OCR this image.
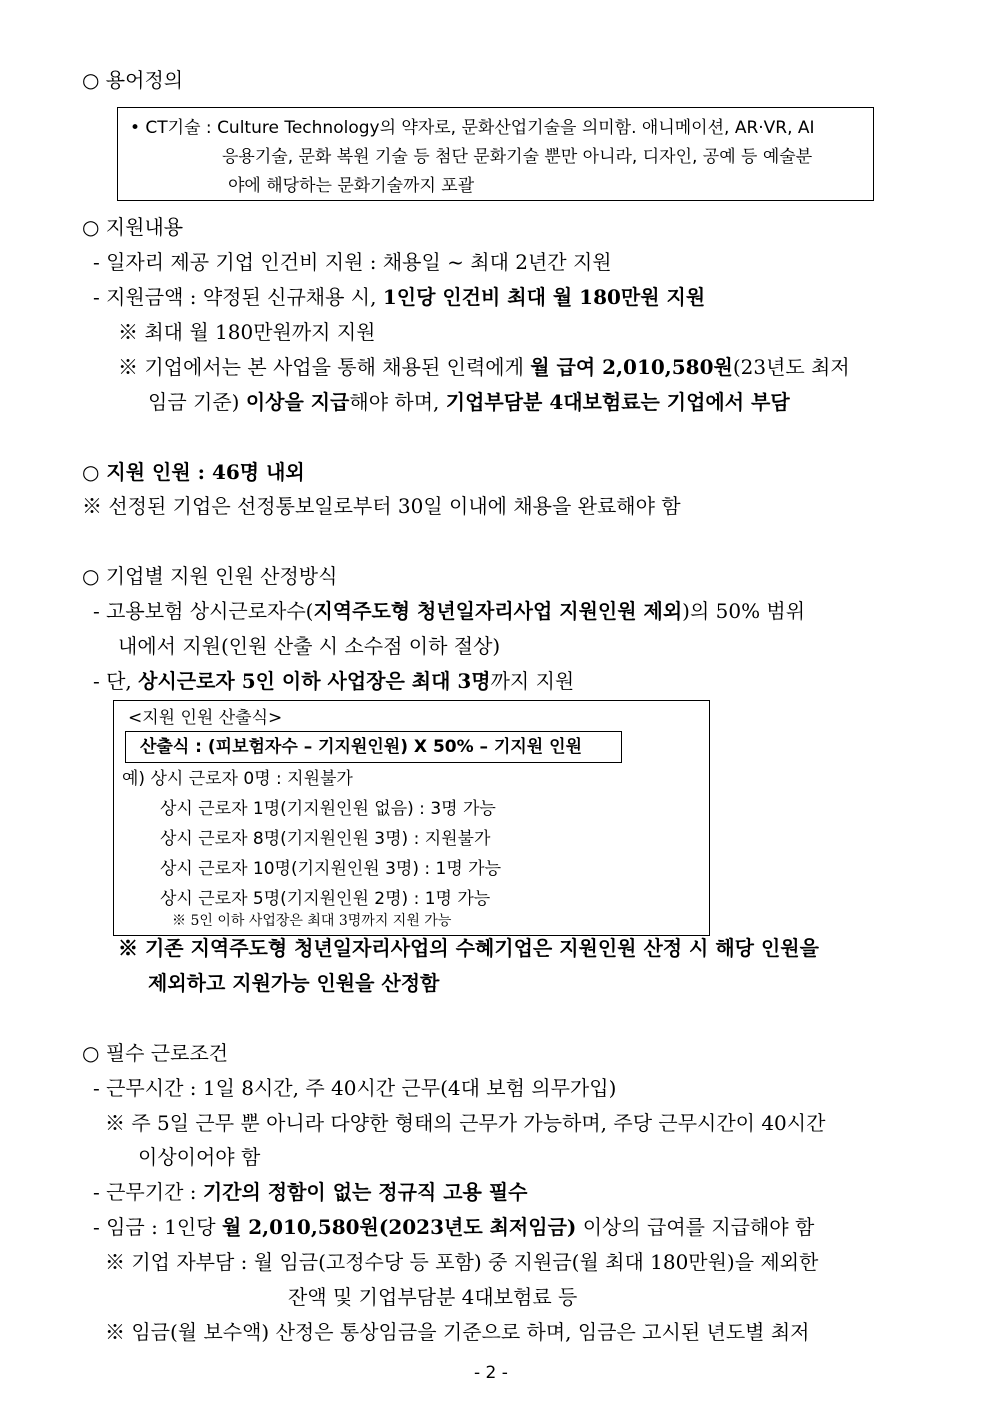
○ 용어정의
• CT기술 : Culture Technology의 약자로, 문화산업기술을 의미함. 애니메이션, AR·VR, AI
응용기술, 문화 복원 기술 등 첨단 문화기술 뿐만 아니라, 디자인, 공예 등 예술분
야에 해당하는 문화기술까지 포괄
○ 지원내용
- 일자리 제공 기업 인건비 지원 : 채용일 ~ 최대 2년간 지원
- 지원금액 : 약정된 신규채용 시, 1인당 인건비 최대 월 180만원 지원
※ 최대 월 180만원까지 지원
※ 기업에서는 본 사업을 통해 채용된 인력에게 월 급여 2,010,580원(23년도 최저
임금 기준) 이상을 지급해야 하며, 기업부담분 4대보험료는 기업에서 부담
○ 지원 인원 : 46명 내외
※ 선정된 기업은 선정통보일로부터 30일 이내에 채용을 완료해야 함
○ 기업별 지원 인원 산정방식
- 고용보험 상시근로자수(지역주도형 청년일자리사업 지원인원 제외)의 50% 범위
내에서 지원(인원 산출 시 소수점 이하 절상)
- 단, 상시근로자 5인 이하 사업장은 최대 3명까지 지원
<지원 인원 산출식>
산출식 : (피보험자수 – 기지원인원) X 50% – 기지원 인원
예) 상시 근로자 0명 : 지원불가
상시 근로자 1명(기지원인원 없음) : 3명 가능
상시 근로자 8명(기지원인원 3명) : 지원불가
상시 근로자 10명(기지원인원 3명) : 1명 가능
상시 근로자 5명(기지원인원 2명) : 1명 가능
※ 5인 이하 사업장은 최대 3명까지 지원 가능
※ 기존 지역주도형 청년일자리사업의 수혜기업은 지원인원 산정 시 해당 인원을
제외하고 지원가능 인원을 산정함
○ 필수 근로조건
- 근무시간 : 1일 8시간, 주 40시간 근무(4대 보험 의무가입)
※ 주 5일 근무 뿐 아니라 다양한 형태의 근무가 가능하며, 주당 근무시간이 40시간
이상이어야 함
- 근무기간 : 기간의 정함이 없는 정규직 고용 필수
- 임금 : 1인당 월 2,010,580원(2023년도 최저임금) 이상의 급여를 지급해야 함
※ 기업 자부담 : 월 임금(고정수당 등 포함) 중 지원금(월 최대 180만원)을 제외한
잔액 및 기업부담분 4대보험료 등
※ 임금(월 보수액) 산정은 통상임금을 기준으로 하며, 임금은 고시된 년도별 최저
- 2 -
